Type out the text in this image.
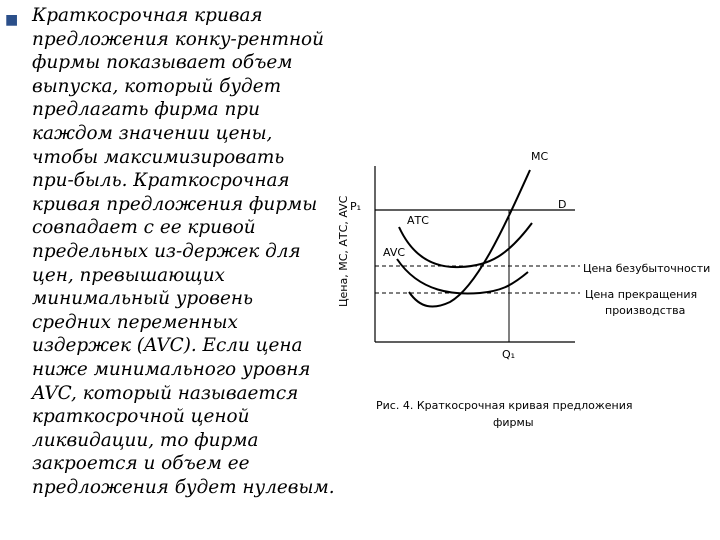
■ Краткосрочная кривая
предложения конку-рентной
фирмы показывает объем
выпуска, который будет
предлагать фирма при
каждом значении цены,
чтобы максимизировать
при-быль. Краткосрочная
кривая предложения фирмы
совпадает с ее кривой
предельных из-держек для
цен, превышающих
минимальный уровень
средних переменных
издержек (AVC). Если цена
ниже минимального уровня
AVC, который называется
краткосрочной ценой
ликвидации, то фирма
закроется и объем ее
предложения будет нулевым.
Цена, МС, АТС, AVC
МС
D
АТС
AVC
P₁
Q₁
Цена безубыточности
Цена прекращения
производства
Рис. 4. Краткосрочная кривая предложения
фирмы
